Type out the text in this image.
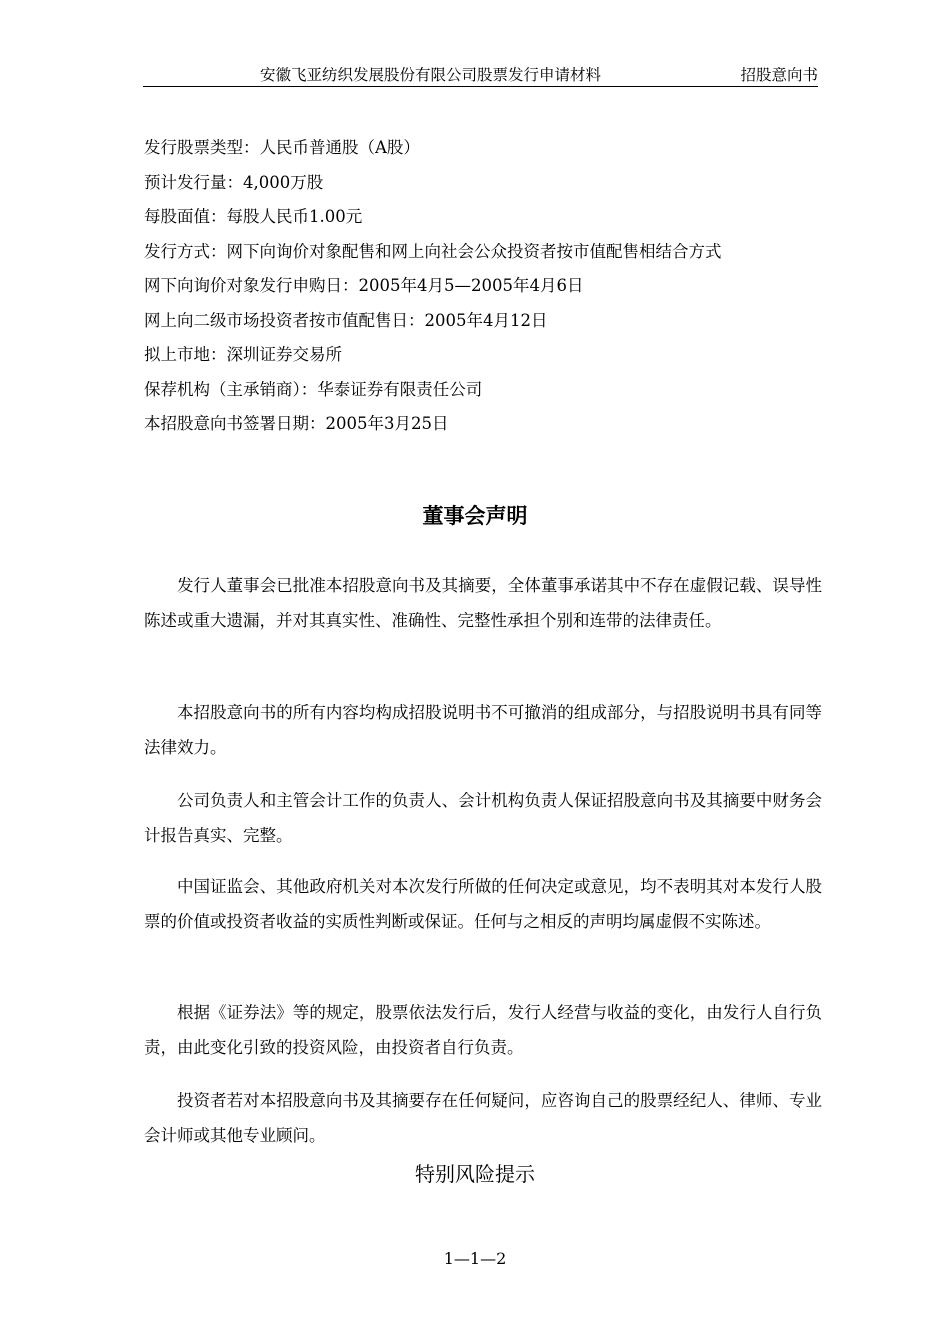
安徽飞亚纺织发展股份有限公司股票发行申请材料	招股意向书
发行股票类型：人民币普通股（A股）
预计发行量：4,000万股
每股面值：每股人民币1.00元
发行方式：网下向询价对象配售和网上向社会公众投资者按市值配售相结合方式
网下向询价对象发行申购日：2005年4月5—2005年4月6日
网上向二级市场投资者按市值配售日：2005年4月12日
拟上市地：深圳证券交易所
保荐机构（主承销商）：华泰证券有限责任公司
本招股意向书签署日期：2005年3月25日
董事会声明

发行人董事会已批准本招股意向书及其摘要，全体董事承诺其中不存在虚假记载、误导性陈述或重大遗漏，并对其真实性、准确性、完整性承担个别和连带的法律责任。

本招股意向书的所有内容均构成招股说明书不可撤消的组成部分，与招股说明书具有同等法律效力。

公司负责人和主管会计工作的负责人、会计机构负责人保证招股意向书及其摘要中财务会计报告真实、完整。

中国证监会、其他政府机关对本次发行所做的任何决定或意见，均不表明其对本发行人股票的价值或投资者收益的实质性判断或保证。任何与之相反的声明均属虚假不实陈述。

根据《证券法》等的规定，股票依法发行后，发行人经营与收益的变化，由发行人自行负责，由此变化引致的投资风险，由投资者自行负责。

投资者若对本招股意向书及其摘要存在任何疑问，应咨询自己的股票经纪人、律师、专业会计师或其他专业顾问。

特别风险提示
1—1—2
